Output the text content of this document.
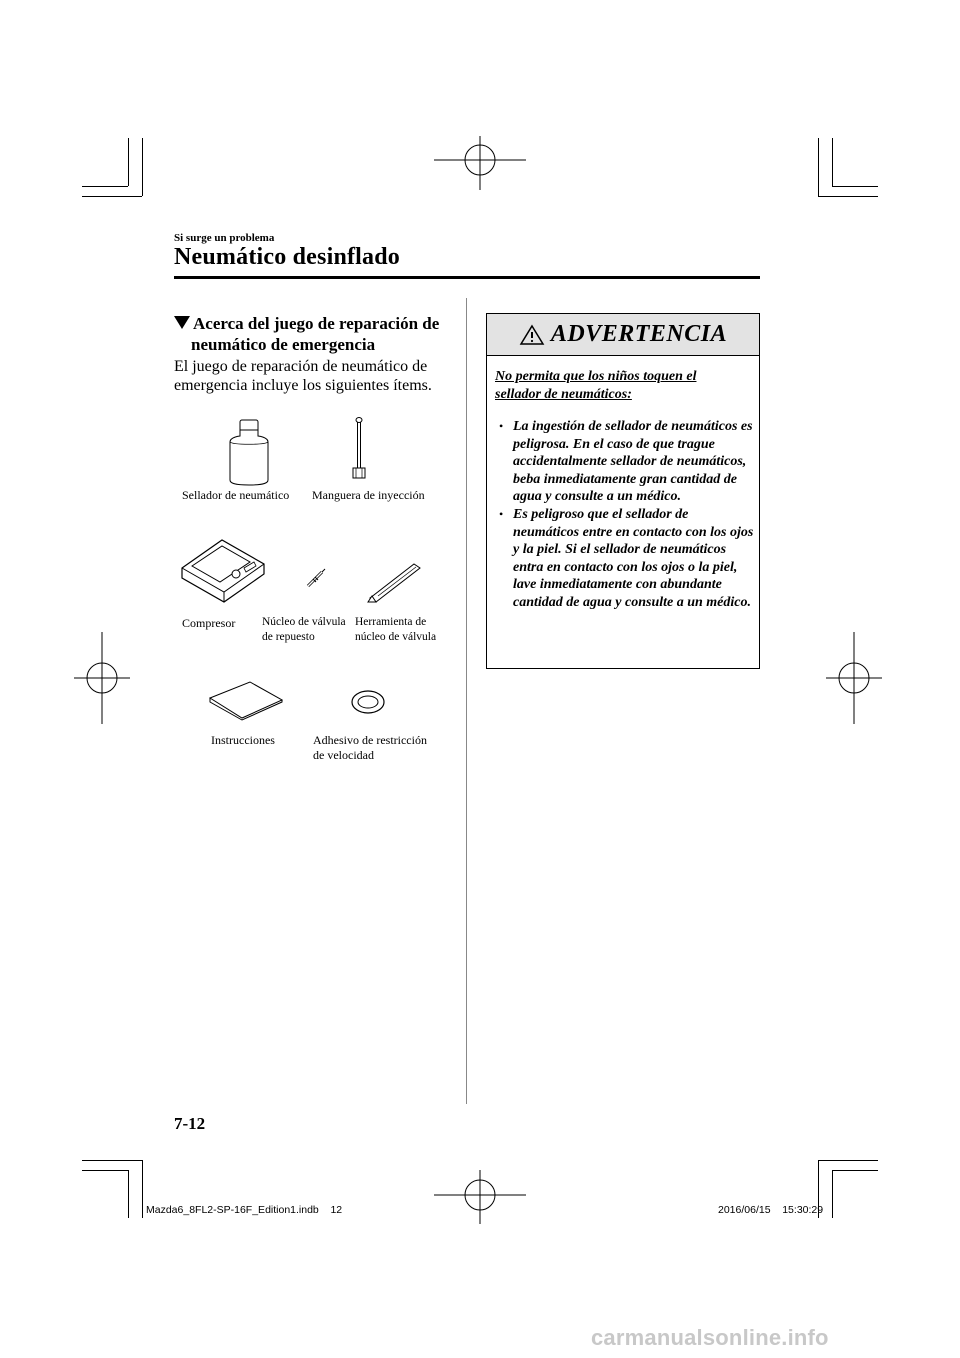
Si surge un problema
Neumático desinflado
Acerca del juego de reparación de
neumático de emergencia
El juego de reparación de neumático de
emergencia incluye los siguientes ítems.
Sellador de neumático Manguera de inyección
Compresor Núcleo de válvula
de repuesto
Herramienta de
núcleo de válvula
Instrucciones	Adhesivo de restricción
de velocidad
ADVERTENCIA
No permita que los niños toquen el
sellador de neumáticos:
• La ingestión de sellador de neumáticos es peligrosa. En el caso de que trague accidentalmente sellador de neumáticos, beba inmediatamente gran cantidad de agua y consulte a un médico.
• Es peligroso que el sellador de neumáticos entre en contacto con los ojos y la piel. Si el sellador de neumáticos entra en contacto con los ojos o la piel, lave inmediatamente con abundante cantidad de agua y consulte a un médico.
7-12
Mazda6_8FL2-SP-16F_Edition1.indb    12	2016/06/15    15:30:29
carmanualsonline.info
